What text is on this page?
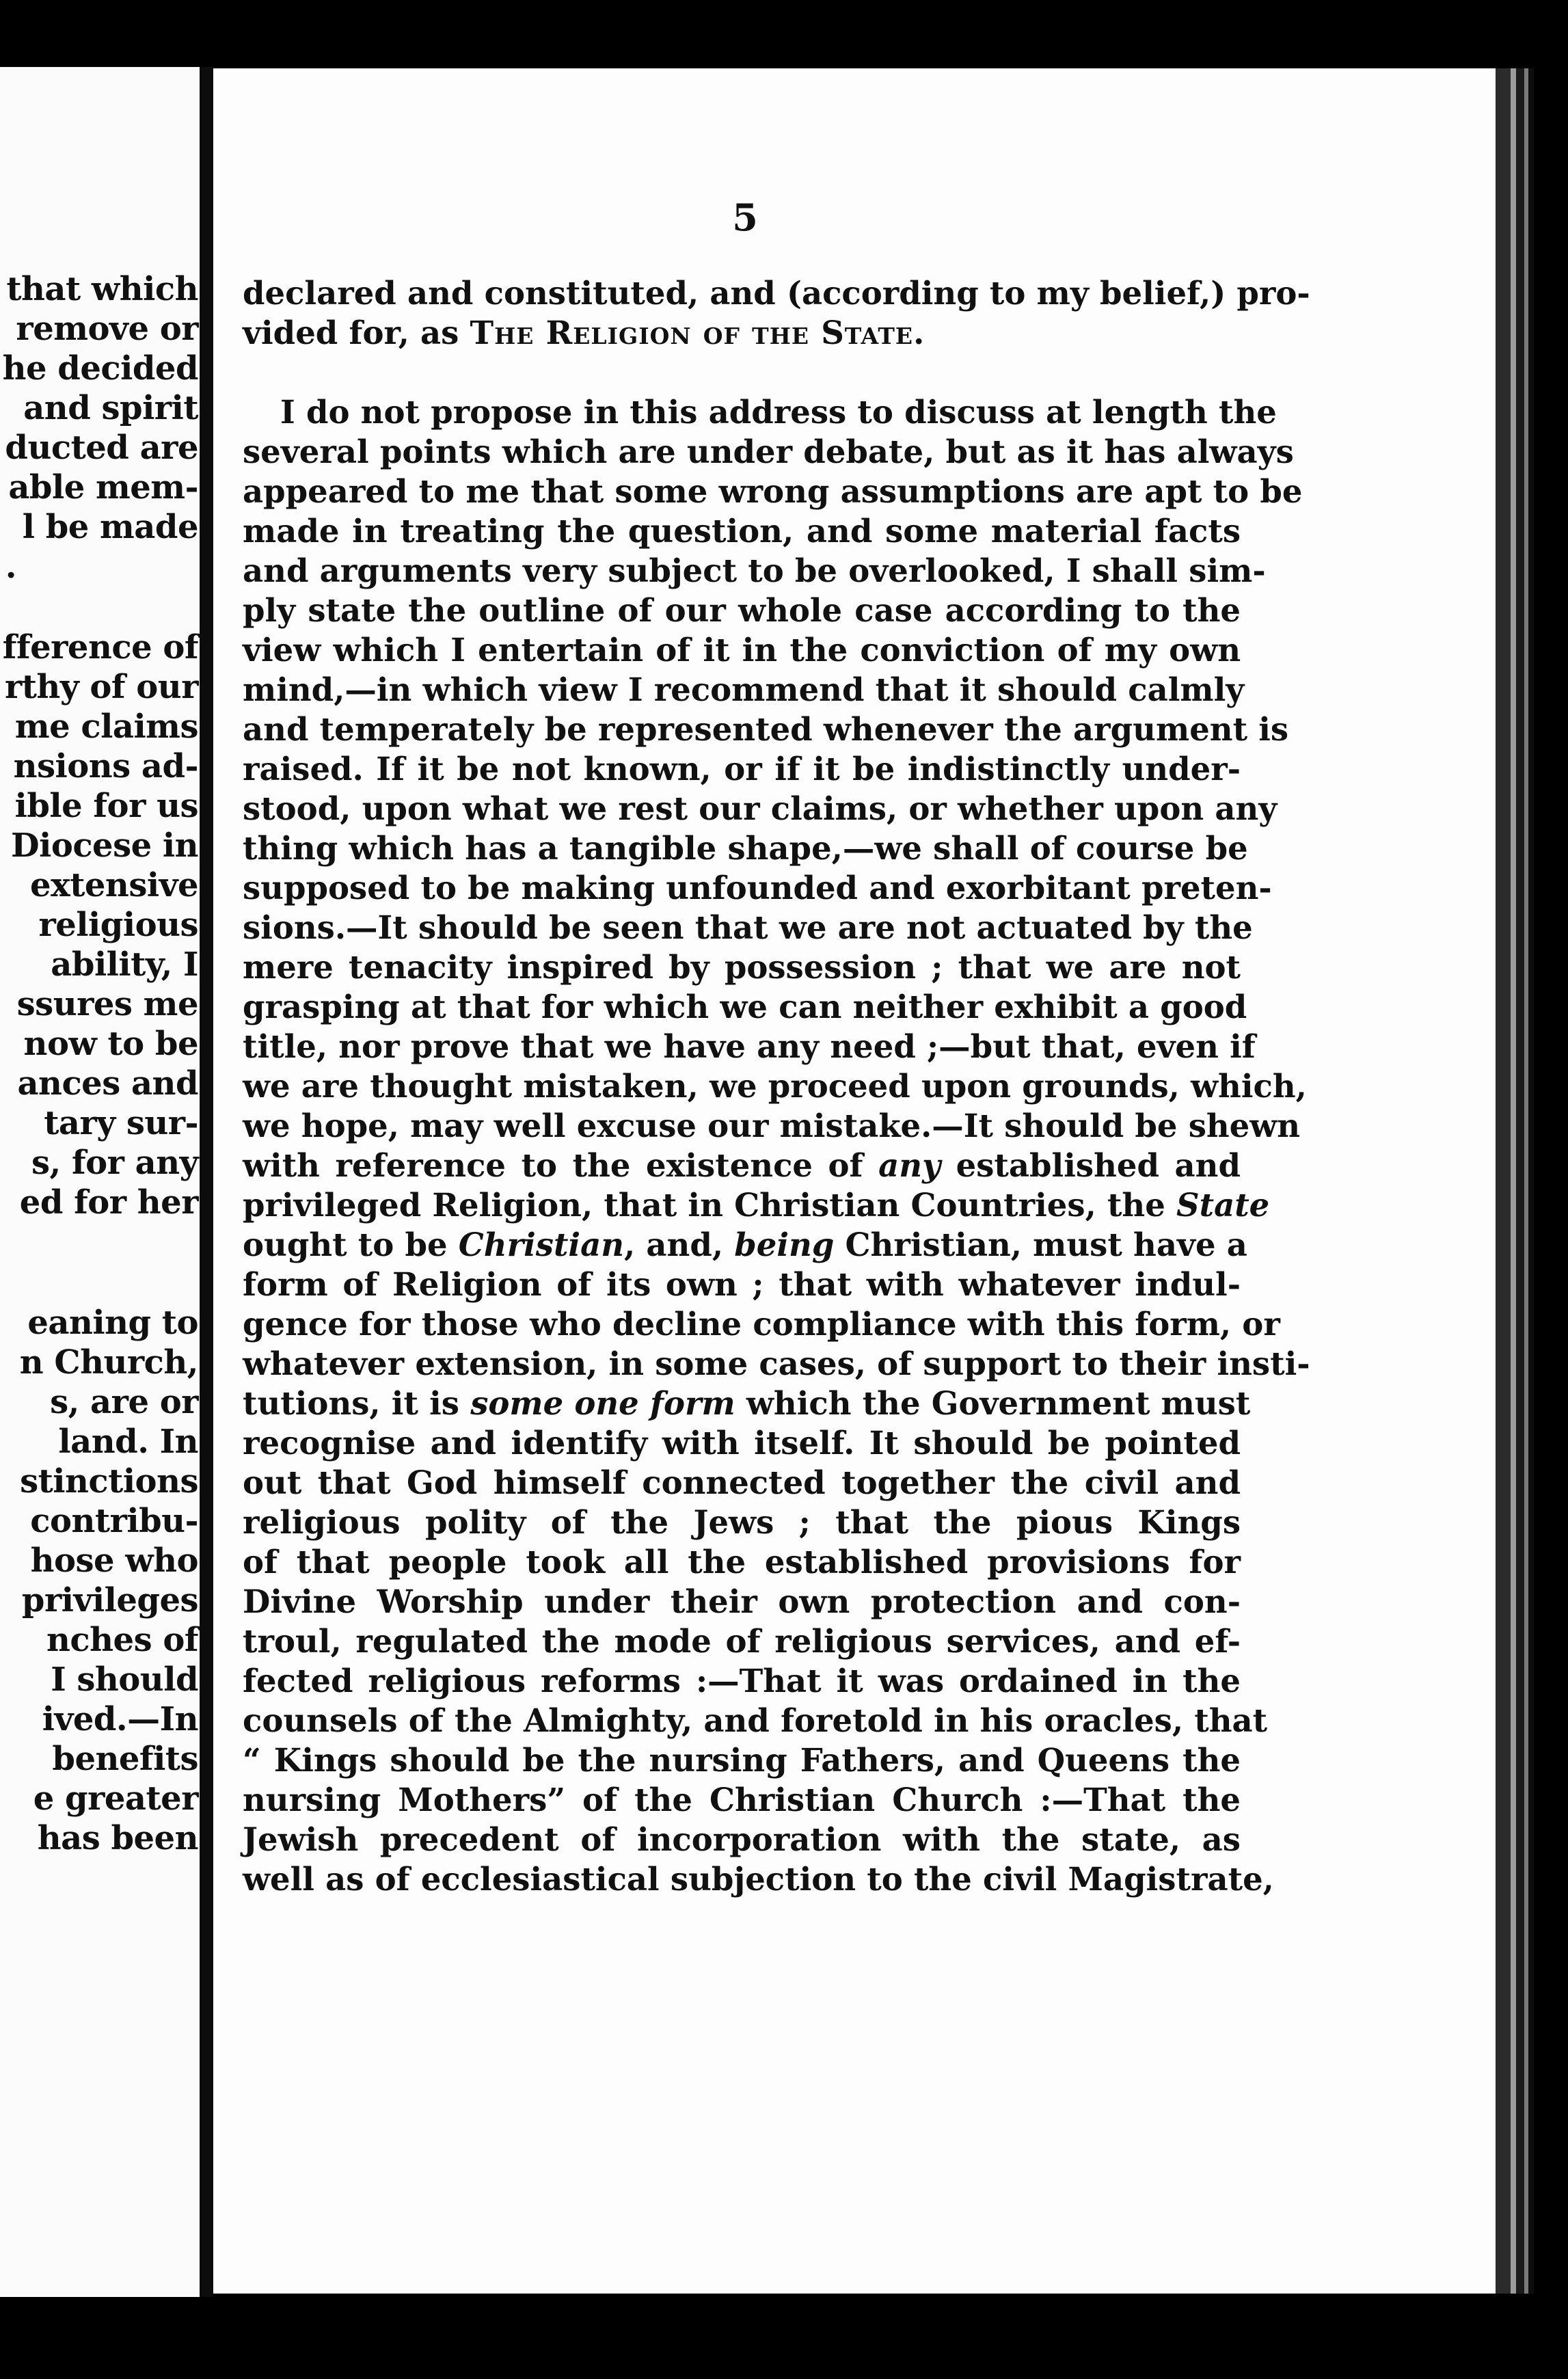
that which
remove or
he decided
and spirit
ducted are
able mem-
l be made
.
fference of
rthy of our
me claims
nsions ad-
ible for us
Diocese in
extensive
religious
ability, I
ssures me
now to be
ances and
tary sur-
s, for any
ed for her
eaning to
n Church,
s, are or
land. In
stinctions
contribu-
hose who
privileges
nches of
I should
ived.—In
benefits
e greater
has been
5
declared and constituted, and (according to my belief,) pro-
vided for, as The Religion of the State.
I do not propose in this address to discuss at length the
several points which are under debate, but as it has always
appeared to me that some wrong assumptions are apt to be
made in treating the question, and some material facts
and arguments very subject to be overlooked, I shall sim-
ply state the outline of our whole case according to the
view which I entertain of it in the conviction of my own
mind,—in which view I recommend that it should calmly
and temperately be represented whenever the argument is
raised. If it be not known, or if it be indistinctly under-
stood, upon what we rest our claims, or whether upon any
thing which has a tangible shape,—we shall of course be
supposed to be making unfounded and exorbitant preten-
sions.—It should be seen that we are not actuated by the
mere tenacity inspired by possession ; that we are not
grasping at that for which we can neither exhibit a good
title, nor prove that we have any need ;—but that, even if
we are thought mistaken, we proceed upon grounds, which,
we hope, may well excuse our mistake.—It should be shewn
with reference to the existence of any established and
privileged Religion, that in Christian Countries, the State
ought to be Christian, and, being Christian, must have a
form of Religion of its own ; that with whatever indul-
gence for those who decline compliance with this form, or
whatever extension, in some cases, of support to their insti-
tutions, it is some one form which the Government must
recognise and identify with itself. It should be pointed
out that God himself connected together the civil and
religious polity of the Jews ; that the pious Kings
of that people took all the established provisions for
Divine Worship under their own protection and con-
troul, regulated the mode of religious services, and ef-
fected religious reforms :—That it was ordained in the
counsels of the Almighty, and foretold in his oracles, that
“ Kings should be the nursing Fathers, and Queens the
nursing Mothers” of the Christian Church :—That the
Jewish precedent of incorporation with the state, as
well as of ecclesiastical subjection to the civil Magistrate,
